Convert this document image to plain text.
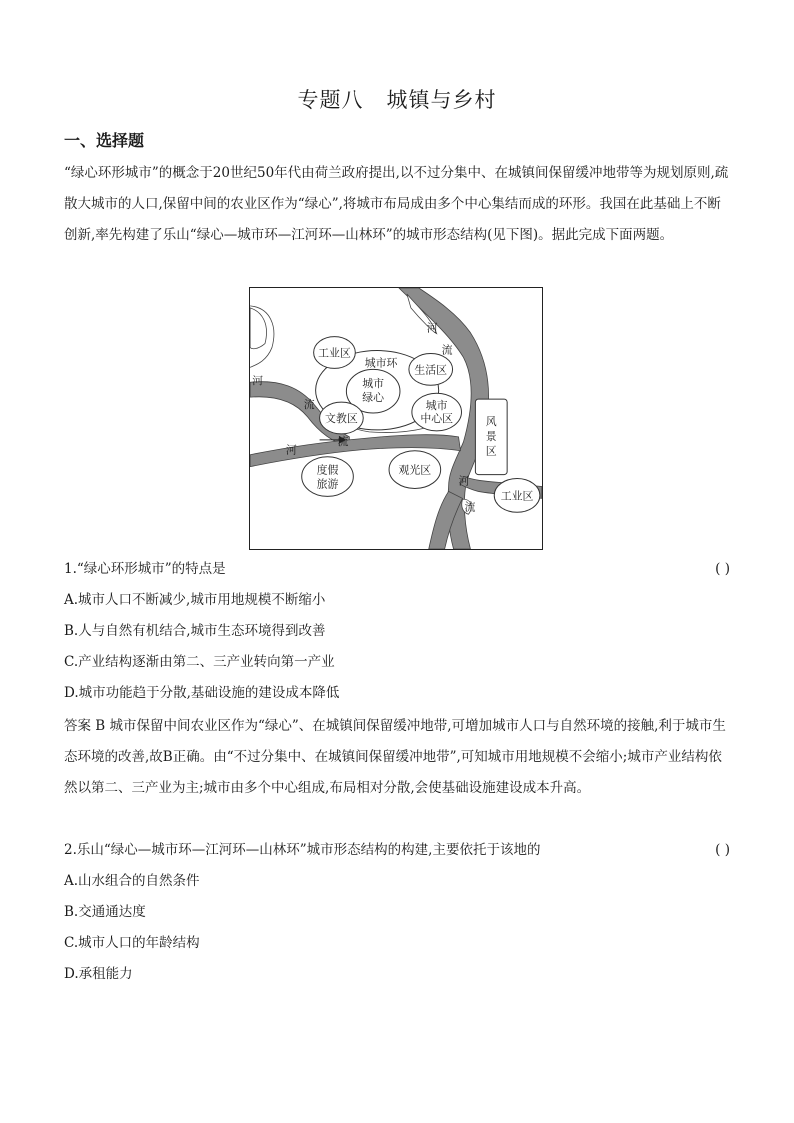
专题八   城镇与乡村
一、选择题

“绿心环形城市”的概念于20世纪50年代由荷兰政府提出,以不过分集中、在城镇间保留缓冲地带等为规划原则,疏散大城市的人口,保留中间的农业区作为“绿心”,将城市布局成由多个中心集结而成的环形。我国在此基础上不断创新,率先构建了乐山“绿心—城市环—江河环—山林环”的城市形态结构(见下图)。据此完成下面两题。

工业区
城市环
生活区
城市
绿心
文教区
城市
中心区	风
景
区
度假
旅游
观光区
工业区
河
流
河
流
河
流
河
流
1.“绿心环形城市”的特点是	( )
A.城市人口不断减少,城市用地规模不断缩小
B.人与自然有机结合,城市生态环境得到改善
C.产业结构逐渐由第二、三产业转向第一产业
D.城市功能趋于分散,基础设施的建设成本降低

答案 B 城市保留中间农业区作为“绿心”、在城镇间保留缓冲地带,可增加城市人口与自然环境的接触,利于城市生态环境的改善,故B正确。由“不过分集中、在城镇间保留缓冲地带”,可知城市用地规模不会缩小;城市产业结构依然以第二、三产业为主;城市由多个中心组成,布局相对分散,会使基础设施建设成本升高。

2.乐山“绿心—城市环—江河环—山林环”城市形态结构的构建,主要依托于该地的	( )
A.山水组合的自然条件
B.交通通达度
C.城市人口的年龄结构
D.承租能力
